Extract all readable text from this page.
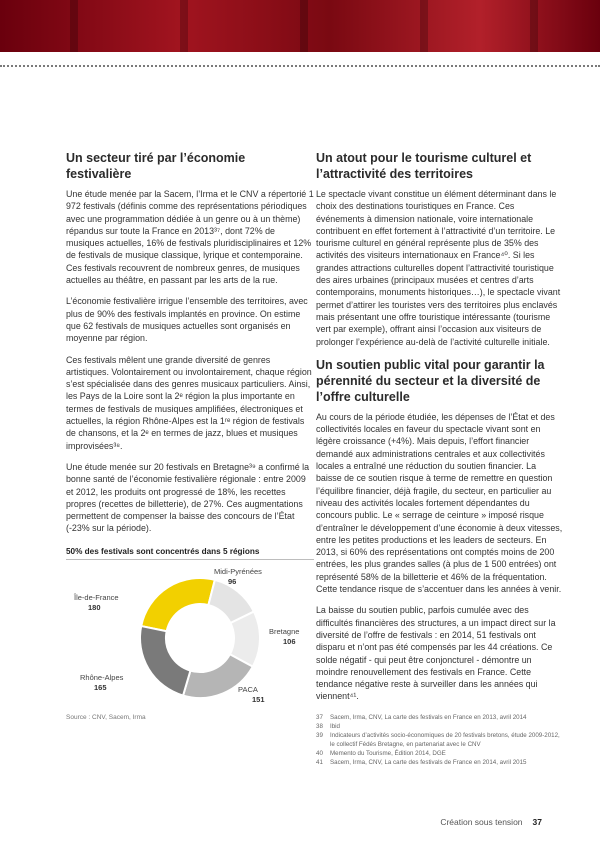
Un secteur tiré par l’économie festivalière

Une étude menée par la Sacem, l’Irma et le CNV a répertorié 1 972 festivals (définis comme des représentations périodiques avec une programmation dédiée à un genre ou à un thème) répandus sur toute la France en 2013³⁷, dont 72% de musiques actuelles, 16% de festivals pluridisciplinaires et 12% de festivals de musique classique, lyrique et contemporaine. Ces festivals recouvrent de nombreux genres, de musiques actuelles au théâtre, en passant par les arts de la rue.

L’économie festivalière irrigue l’ensemble des territoires, avec plus de 90% des festivals implantés en province. On estime que 62 festivals de musiques actuelles sont organisés en moyenne par région.

Ces festivals mêlent une grande diversité de genres artistiques. Volontairement ou involontairement, chaque région s’est spécialisée dans des genres musicaux particuliers. Ainsi, les Pays de la Loire sont la 2ᵉ région la plus importante en termes de festivals de musiques amplifiées, électroniques et actuelles, la région Rhône-Alpes est la 1ʳᵉ région de festivals de chansons, et la 2ᵉ en termes de jazz, blues et musiques improvisées³⁸.

Une étude menée sur 20 festivals en Bretagne³⁹ a confirmé la bonne santé de l’économie festivalière régionale : entre 2009 et 2012, les produits ont progressé de 18%, les recettes propres (recettes de billetterie), de 27%. Ces augmentations permettent de compenser la baisse des concours de l’État (-23% sur la période).

50% des festivals sont concentrés dans 5 régions
Île-de-France
180
Midi-Pyrénées
96
Bretagne
106
PACA
151
Rhône-Alpes
165
Source : CNV, Sacem, Irma
Un atout pour le tourisme culturel et l’attractivité des territoires

Le spectacle vivant constitue un élément déterminant dans le choix des destinations touristiques en France. Ces événements à dimension nationale, voire internationale contribuent en effet fortement à l’attractivité d’un territoire. Le tourisme culturel en général représente plus de 35% des activités des visiteurs internationaux en France⁴⁰. Si les grandes attractions culturelles dopent l’attractivité touristique des aires urbaines (principaux musées et centres d’arts contemporains, monuments historiques…), le spectacle vivant permet d’attirer les touristes vers des territoires plus enclavés mais présentant une offre touristique intéressante (tourisme vert par exemple), offrant ainsi l’occasion aux visiteurs de prolonger l’expérience au-delà de l’activité culturelle initiale.

Un soutien public vital pour garantir la pérennité du secteur et la diversité de l’offre culturelle

Au cours de la période étudiée, les dépenses de l’État et des collectivités locales en faveur du spectacle vivant sont en légère croissance (+4%). Mais depuis, l’effort financier demandé aux administrations centrales et aux collectivités locales a entraîné une réduction du soutien financier. La baisse de ce soutien risque à terme de remettre en question l’équilibre financier, déjà fragile, du secteur, en particulier au niveau des activités locales fortement dépendantes du concours public. Le « serrage de ceinture » imposé risque d’entraîner le développement d’une économie à deux vitesses, entre les petites productions et les leaders de secteurs. En 2013, si 60% des représentations ont comptés moins de 200 entrées, les plus grandes salles (à plus de 1 500 entrées) ont représenté 58% de la billetterie et 46% de la fréquentation. Cette tendance risque de s’accentuer dans les années à venir.

La baisse du soutien public, parfois cumulée avec des difficultés financières des structures, a un impact direct sur la diversité de l’offre de festivals : en 2014, 51 festivals ont disparu et n’ont pas été compensés par les 44 créations. Ce solde négatif - qui peut être conjoncturel - démontre un moindre renouvellement des festivals en France. Cette tendance négative reste à surveiller dans les années qui viennent⁴¹.

37	Sacem, Irma, CNV, La carte des festivals en France en 2013, avril 2014
38	Ibid
39	Indicateurs d’activités socio-économiques de 20 festivals bretons, étude 2009-2012, le collectif Fédés Bretagne, en partenariat avec le CNV
40	Memento du Tourisme, Édition 2014, DGE
41	Sacem, Irma, CNV, La carte des festivals de France en 2014, avril 2015
Création sous tension 37
